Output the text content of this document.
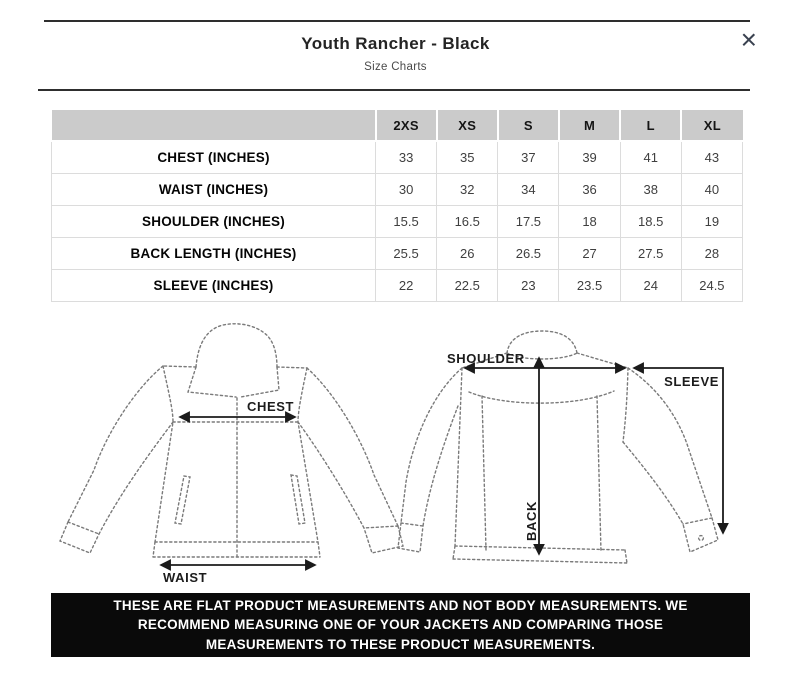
Youth Rancher - Black
Size Charts
×
	2XS	XS	S	M	L	XL
CHEST (INCHES)	33	35	37	39	41	43
WAIST (INCHES)	30	32	34	36	38	40
SHOULDER (INCHES)	15.5	16.5	17.5	18	18.5	19
BACK LENGTH (INCHES)	25.5	26	26.5	27	27.5	28
SLEEVE (INCHES)	22	22.5	23	23.5	24	24.5
CHEST
WAIST
SHOULDER
SLEEVE
BACK
THESE ARE FLAT PRODUCT MEASUREMENTS AND NOT BODY MEASUREMENTS. WE
RECOMMEND MEASURING ONE OF YOUR JACKETS AND COMPARING THOSE
MEASUREMENTS TO THESE PRODUCT MEASUREMENTS.
